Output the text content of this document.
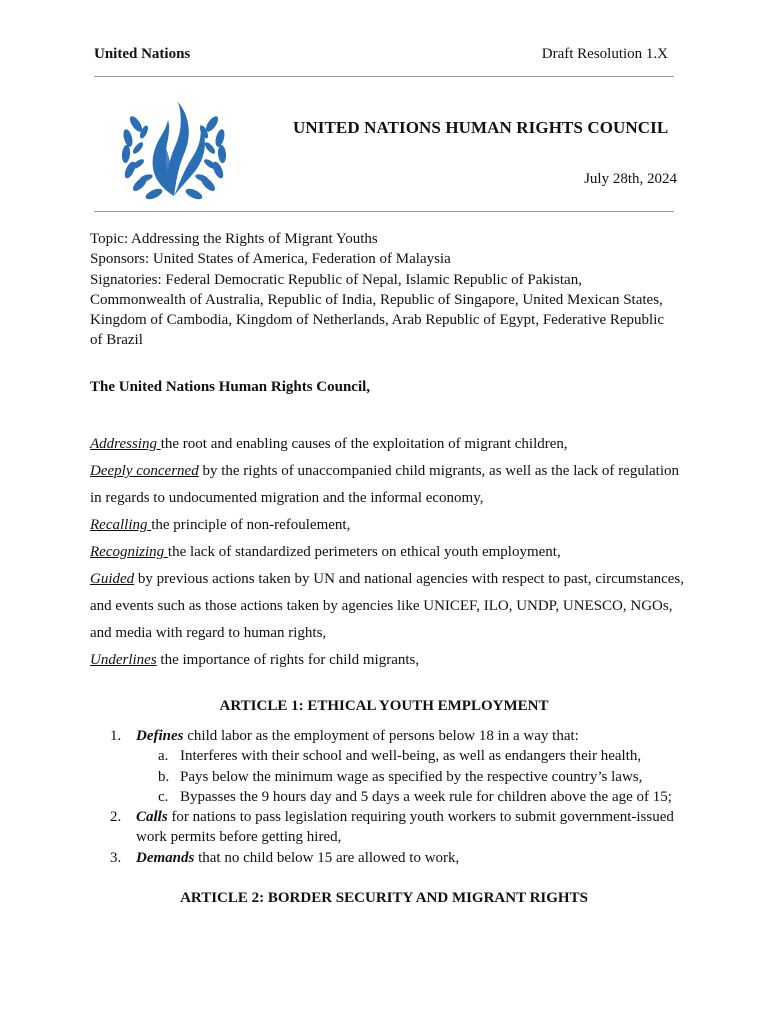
United Nations	Draft Resolution 1.X
UNITED NATIONS HUMAN RIGHTS COUNCIL
July 28th, 2024

Topic: Addressing the Rights of Migrant Youths

Sponsors: United States of America, Federation of Malaysia

Signatories: Federal Democratic Republic of Nepal, Islamic Republic of Pakistan, Commonwealth of Australia, Republic of India, Republic of Singapore, United Mexican States, Kingdom of Cambodia, Kingdom of Netherlands, Arab Republic of Egypt, Federative Republic of Brazil

The United Nations Human Rights Council,

Addressing the root and enabling causes of the exploitation of migrant children,

Deeply concerned by the rights of unaccompanied child migrants, as well as the lack of regulation in regards to undocumented migration and the informal economy,

Recalling the principle of non-refoulement,

Recognizing the lack of standardized perimeters on ethical youth employment,

Guided by previous actions taken by UN and national agencies with respect to past, circumstances, and events such as those actions taken by agencies like UNICEF, ILO, UNDP, UNESCO, NGOs, and media with regard to human rights,

Underlines the importance of rights for child migrants,

ARTICLE 1: ETHICAL YOUTH EMPLOYMENT
1. Defines child labor as the employment of persons below 18 in a way that:
a. Interferes with their school and well-being, as well as endangers their health,
b. Pays below the minimum wage as specified by the respective country’s laws,
c. Bypasses the 9 hours day and 5 days a week rule for children above the age of 15;
2. Calls for nations to pass legislation requiring youth workers to submit government-issued work permits before getting hired,
3. Demands that no child below 15 are allowed to work,
ARTICLE 2: BORDER SECURITY AND MIGRANT RIGHTS
